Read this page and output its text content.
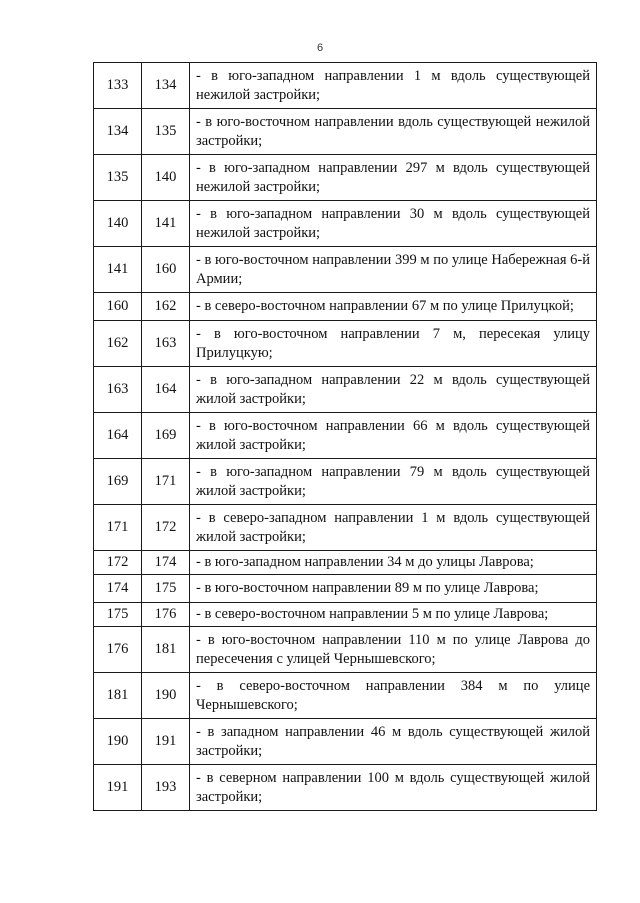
6
133	134	- в юго-западном направлении 1 м вдоль существующей нежилой застройки;
134	135	- в юго-восточном направлении вдоль существующей нежилой застройки;
135	140	- в юго-западном направлении 297 м вдоль существующей нежилой застройки;
140	141	- в юго-западном направлении 30 м вдоль существующей нежилой застройки;
141	160	- в юго-восточном направлении 399 м по улице Набережная 6-й Армии;
160	162	- в северо-восточном направлении 67 м по улице Прилуцкой;
162	163	- в юго-восточном направлении 7 м, пересекая улицу Прилуцкую;
163	164	- в юго-западном направлении 22 м вдоль существующей жилой застройки;
164	169	- в юго-восточном направлении 66 м вдоль существующей жилой застройки;
169	171	- в юго-западном направлении 79 м вдоль существующей жилой застройки;
171	172	- в северо-западном направлении 1 м вдоль существующей жилой застройки;
172	174	- в юго-западном направлении 34 м до улицы Лаврова;
174	175	- в юго-восточном направлении 89 м по улице Лаврова;
175	176	- в северо-восточном направлении 5 м по улице Лаврова;
176	181	- в юго-восточном направлении 110 м по улице Лаврова до пересечения с улицей Чернышевского;
181	190	- в северо-восточном направлении 384 м по улице Чернышевского;
190	191	- в западном направлении 46 м вдоль существующей жилой застройки;
191	193	- в северном направлении 100 м вдоль существующей жилой застройки;
